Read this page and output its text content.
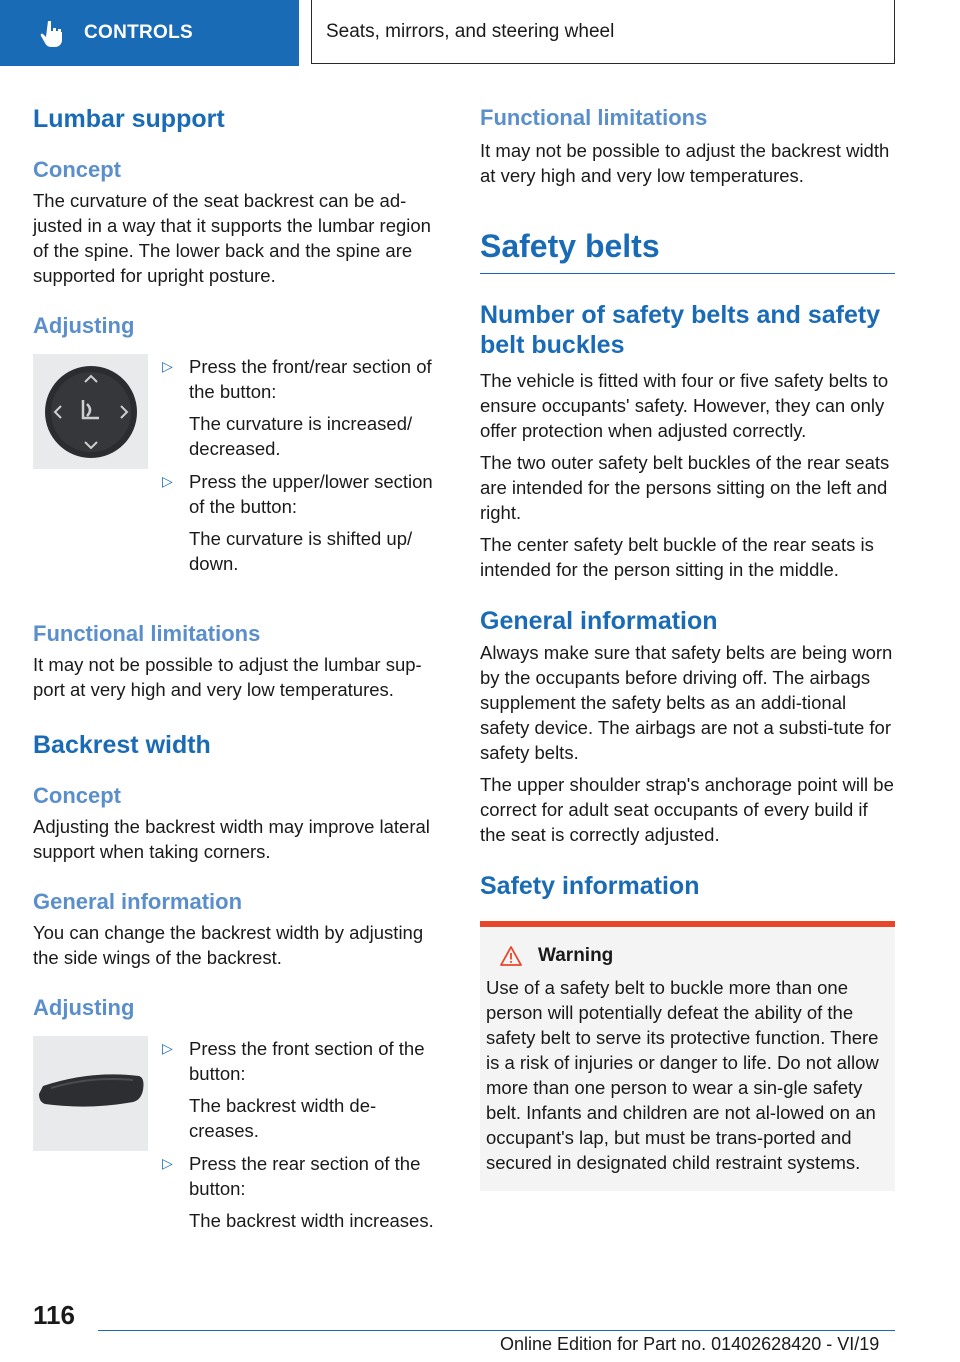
CONTROLS	Seats, mirrors, and steering wheel
Lumbar support
Concept

The curvature of the seat backrest can be ad-justed in a way that it supports the lumbar region of the spine. The lower back and the spine are supported for upright posture.

Adjusting
▷ Press the front/rear section of the button:

The curvature is increased/ decreased.

▷ Press the upper/lower section of the button:

The curvature is shifted up/ down.

Functional limitations

It may not be possible to adjust the lumbar sup-port at very high and very low temperatures.

Backrest width
Concept

Adjusting the backrest width may improve lateral support when taking corners.

General information

You can change the backrest width by adjusting the side wings of the backrest.

Adjusting
▷ Press the front section of the button:

The backrest width de-creases.

▷ Press the rear section of the button:

The backrest width increases.

Functional limitations

It may not be possible to adjust the backrest width at very high and very low temperatures.

Safety belts
Number of safety belts and safety belt buckles

The vehicle is fitted with four or five safety belts to ensure occupants' safety. However, they can only offer protection when adjusted correctly.

The two outer safety belt buckles of the rear seats are intended for the persons sitting on the left and right.

The center safety belt buckle of the rear seats is intended for the person sitting in the middle.

General information

Always make sure that safety belts are being worn by the occupants before driving off. The airbags supplement the safety belts as an addi-tional safety device. The airbags are not a substi-tute for safety belts.

The upper shoulder strap's anchorage point will be correct for adult seat occupants of every build if the seat is correctly adjusted.

Safety information
Warning

Use of a safety belt to buckle more than one person will potentially defeat the ability of the safety belt to serve its protective function. There is a risk of injuries or danger to life. Do not allow more than one person to wear a sin-gle safety belt. Infants and children are not al-lowed on an occupant's lap, but must be trans-ported and secured in designated child restraint systems.

116
Online Edition for Part no. 01402628420 - VI/19
